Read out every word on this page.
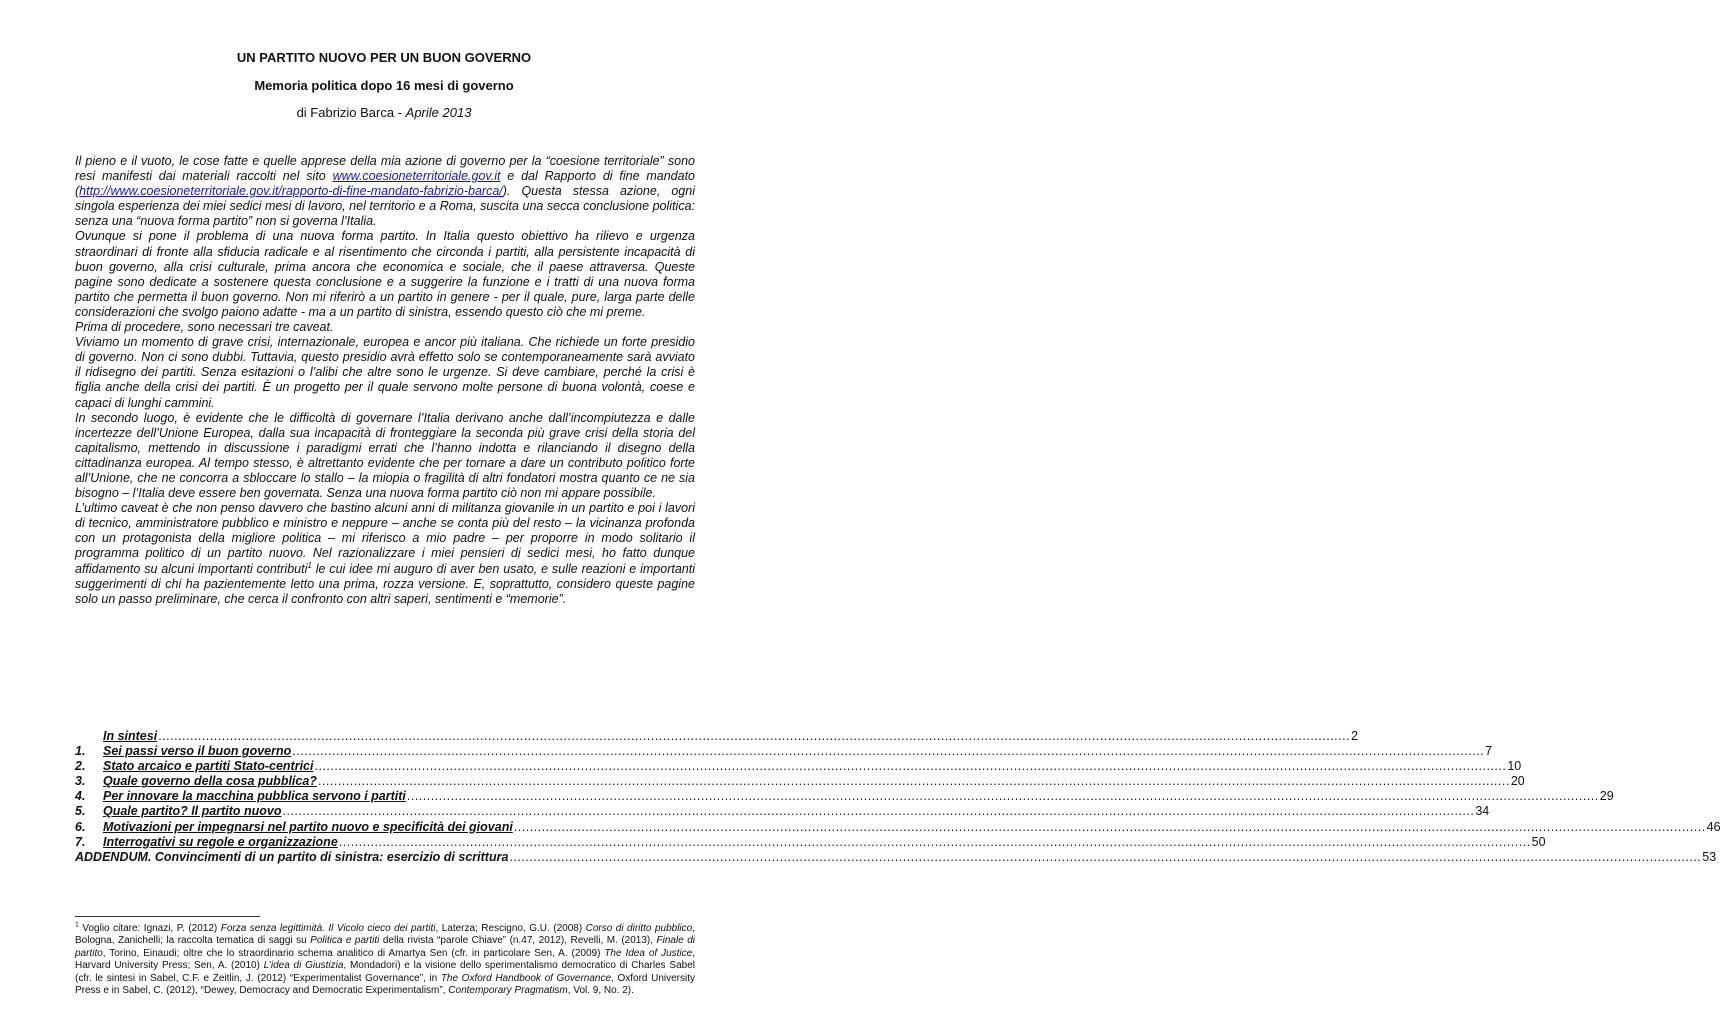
UN PARTITO NUOVO PER UN BUON GOVERNO
Memoria politica dopo 16 mesi di governo
di Fabrizio Barca - Aprile 2013

Il pieno e il vuoto, le cose fatte e quelle apprese della mia azione di governo per la “coesione territoriale” sono resi manifesti dai materiali raccolti nel sito www.coesioneterritoriale.gov.it e dal Rapporto di fine mandato (http://www.coesioneterritoriale.gov.it/rapporto-di-fine-mandato-fabrizio-barca/). Questa stessa azione, ogni singola esperienza dei miei sedici mesi di lavoro, nel territorio e a Roma, suscita una secca conclusione politica: senza una “nuova forma partito” non si governa l’Italia.

Ovunque si pone il problema di una nuova forma partito. In Italia questo obiettivo ha rilievo e urgenza straordinari di fronte alla sfiducia radicale e al risentimento che circonda i partiti, alla persistente incapacità di buon governo, alla crisi culturale, prima ancora che economica e sociale, che il paese attraversa. Queste pagine sono dedicate a sostenere questa conclusione e a suggerire la funzione e i tratti di una nuova forma partito che permetta il buon governo. Non mi riferirò a un partito in genere - per il quale, pure, larga parte delle considerazioni che svolgo paiono adatte - ma a un partito di sinistra, essendo questo ciò che mi preme.

Prima di procedere, sono necessari tre caveat.

Viviamo un momento di grave crisi, internazionale, europea e ancor più italiana. Che richiede un forte presidio di governo. Non ci sono dubbi. Tuttavia, questo presidio avrà effetto solo se contemporaneamente sarà avviato il ridisegno dei partiti. Senza esitazioni o l’alibi che altre sono le urgenze. Si deve cambiare, perché la crisi è figlia anche della crisi dei partiti. È un progetto per il quale servono molte persone di buona volontà, coese e capaci di lunghi cammini.

In secondo luogo, è evidente che le difficoltà di governare l’Italia derivano anche dall’incompiutezza e dalle incertezze dell’Unione Europea, dalla sua incapacità di fronteggiare la seconda più grave crisi della storia del capitalismo, mettendo in discussione i paradigmi errati che l’hanno indotta e rilanciando il disegno della cittadinanza europea. Al tempo stesso, è altrettanto evidente che per tornare a dare un contributo politico forte all’Unione, che ne concorra a sbloccare lo stallo – la miopia o fragilità di altri fondatori mostra quanto ce ne sia bisogno – l’Italia deve essere ben governata. Senza una nuova forma partito ciò non mi appare possibile.

L’ultimo caveat è che non penso davvero che bastino alcuni anni di militanza giovanile in un partito e poi i lavori di tecnico, amministratore pubblico e ministro e neppure – anche se conta più del resto – la vicinanza profonda con un protagonista della migliore politica – mi riferisco a mio padre – per proporre in modo solitario il programma politico di un partito nuovo. Nel razionalizzare i miei pensieri di sedici mesi, ho fatto dunque affidamento su alcuni importanti contributi$^1$ le cui idee mi auguro di aver ben usato, e sulle reazioni e importanti suggerimenti di chi ha pazientemente letto una prima, rozza versione. E, soprattutto, considero queste pagine solo un passo preliminare, che cerca il confronto con altri saperi, sentimenti e “memorie”.

In sintesi ............................................................................................................................................................................................................................................................................................................ 2
1.	Sei passi verso il buon governo ............................................................................................................................................................................................................................................................................................................ 7
2.	Stato arcaico e partiti Stato-centrici ............................................................................................................................................................................................................................................................................................................ 10
3.	Quale governo della cosa pubblica? ............................................................................................................................................................................................................................................................................................................ 20
4.	Per innovare la macchina pubblica servono i partiti ............................................................................................................................................................................................................................................................................................................ 29
5.	Quale partito? Il partito nuovo ............................................................................................................................................................................................................................................................................................................ 34
6.	Motivazioni per impegnarsi nel partito nuovo e specificità dei giovani ............................................................................................................................................................................................................................................................................................................ 46
7.	Interrogativi su regole e organizzazione ............................................................................................................................................................................................................................................................................................................ 50
ADDENDUM. Convincimenti di un partito di sinistra: esercizio di scrittura ............................................................................................................................................................................................................................................................................................................ 53
$^1$ Voglio citare: Ignazi, P. (2012) Forza senza legittimità. Il Vicolo cieco dei partiti, Laterza; Rescigno, G.U. (2008) Corso di diritto pubblico, Bologna, Zanichelli; la raccolta tematica di saggi su Politica e partiti della rivista “parole Chiave” (n.47, 2012), Revelli, M. (2013), Finale di partito, Torino, Einaudi; oltre che lo straordinario schema analitico di Amartya Sen (cfr. in particolare Sen, A. (2009) The Idea of Justice, Harvard University Press; Sen, A. (2010) L’idea di Giustizia, Mondadori) e la visione dello sperimentalismo democratico di Charles Sabel (cfr. le sintesi in Sabel, C.F. e Zeitlin, J. (2012) “Experimentalist Governance”, in The Oxford Handbook of Governance, Oxford University Press e in Sabel, C. (2012), “Dewey, Democracy and Democratic Experimentalism”, Contemporary Pragmatism, Vol. 9, No. 2).
